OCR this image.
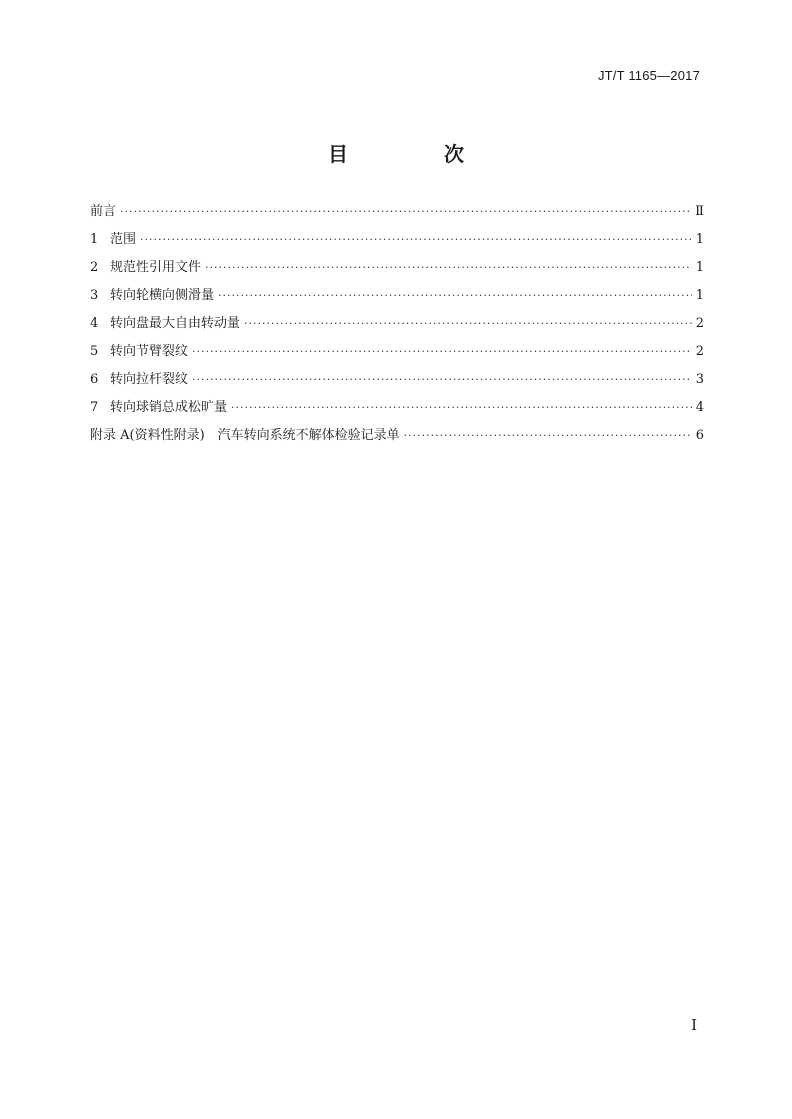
JT/T 1165—2017
目　次
前言 ·····	Ⅱ
1 范围 ·····	1
2 规范性引用文件 ·····	1
3 转向轮横向侧滑量 ·····	1
4 转向盘最大自由转动量 ·····	2
5 转向节臂裂纹 ·····	2
6 转向拉杆裂纹 ·····	3
7 转向球销总成松旷量 ·····	4
附录 A(资料性附录)　汽车转向系统不解体检验记录单 ·····	6
I
